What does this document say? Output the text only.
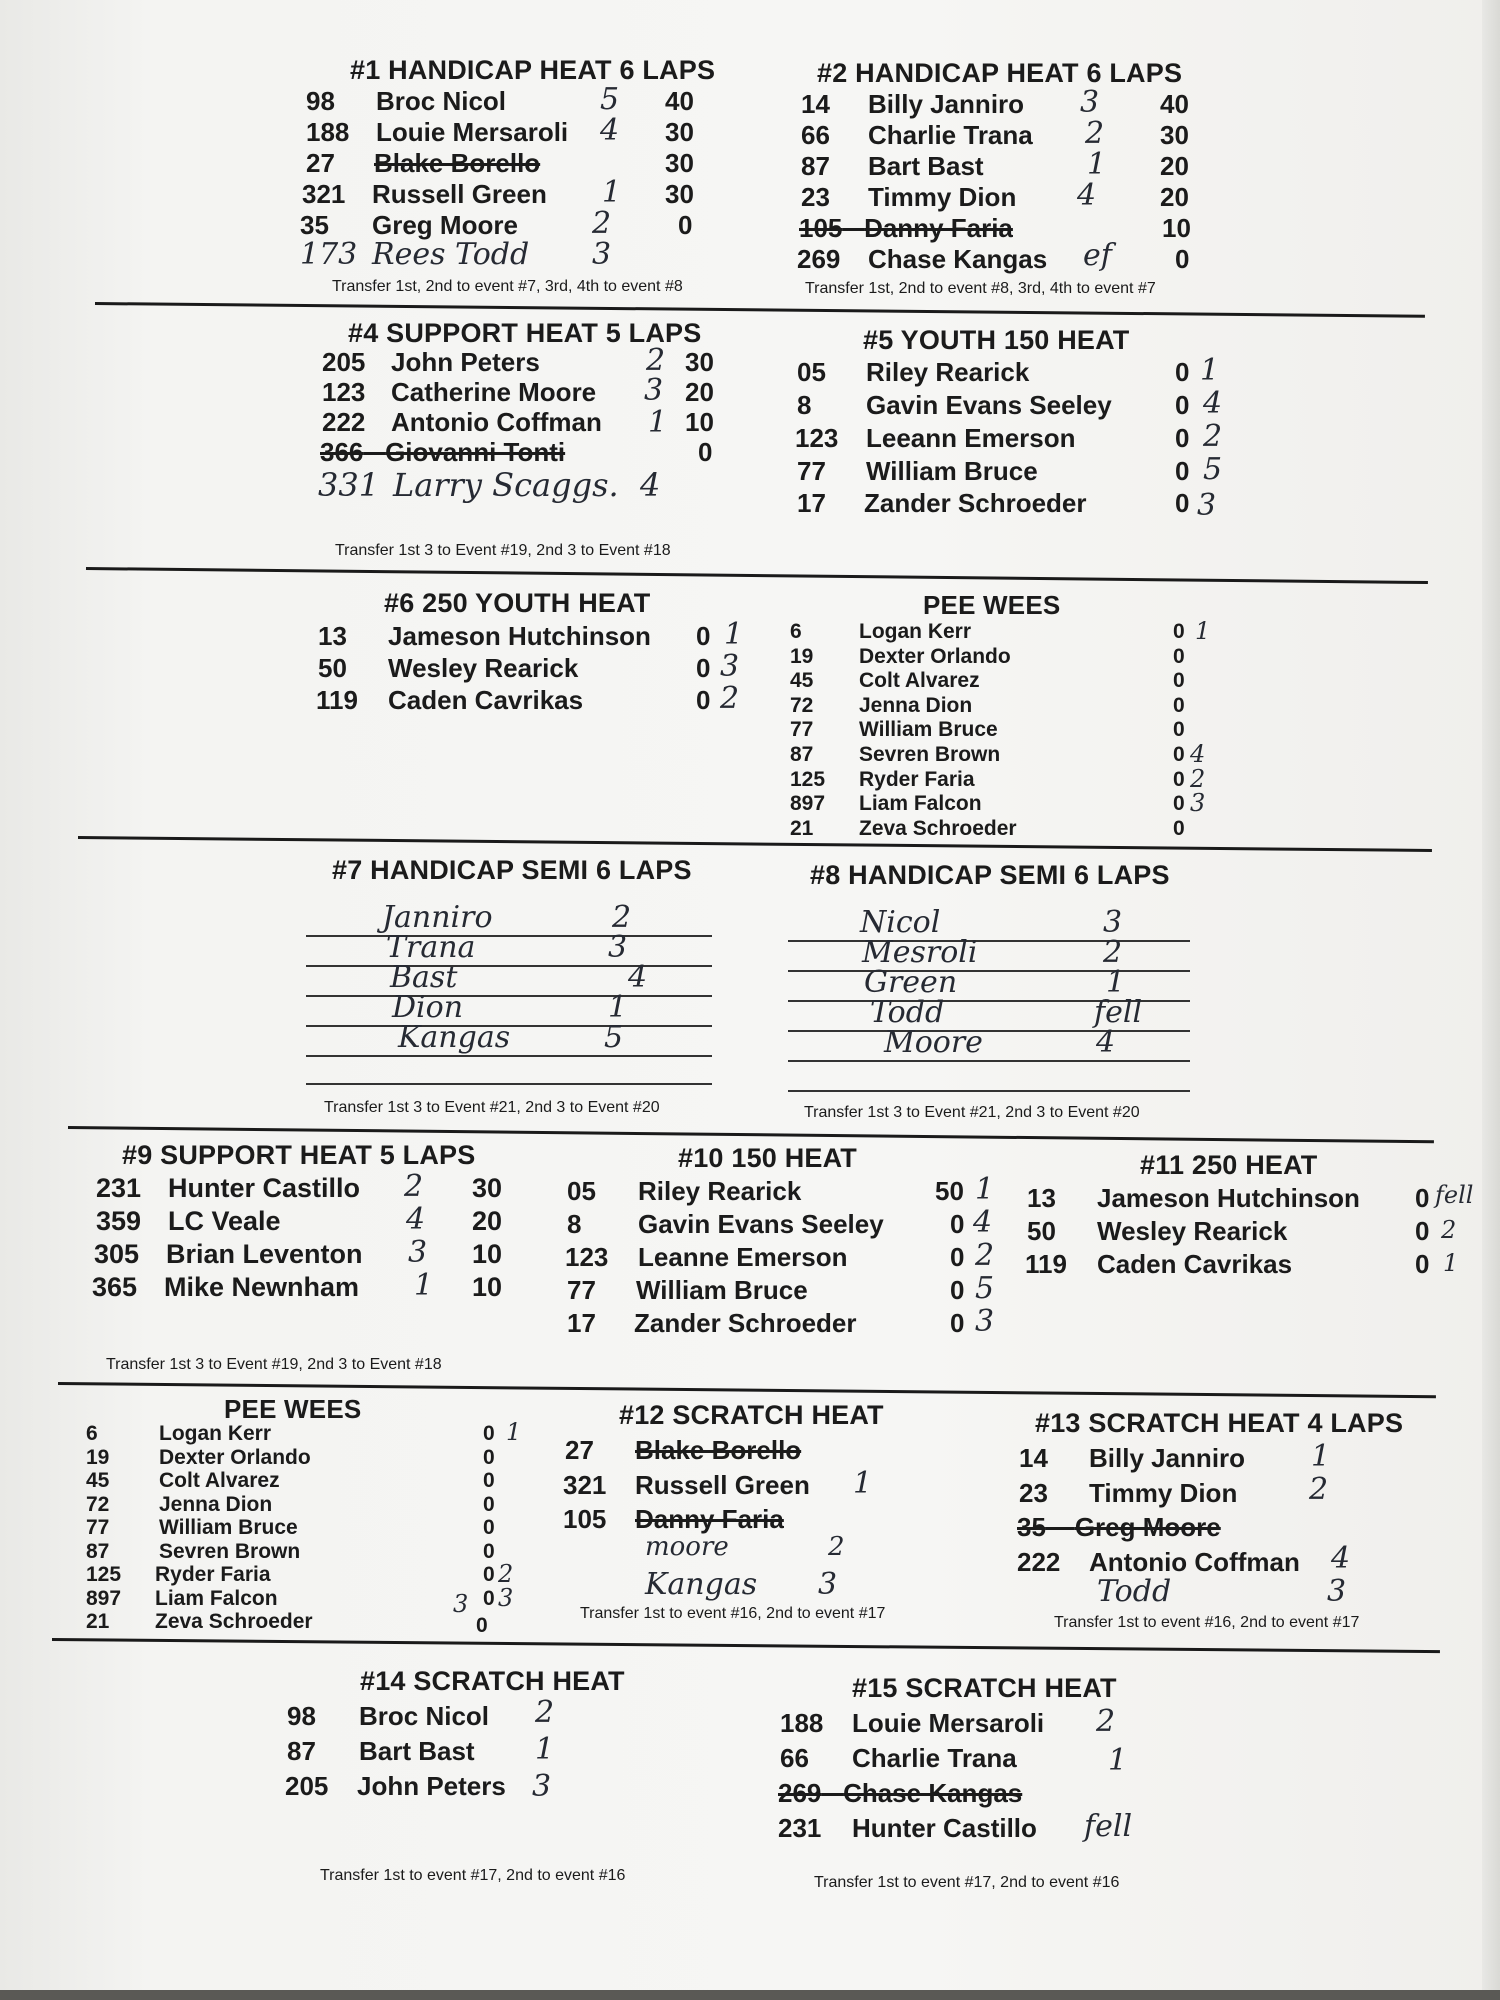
#1 HANDICAP HEAT 6 LAPS
98 Broc Nicol	5 40
188 Louie Mersaroli 4 30
27 Blake Borello	30
321 Russell Green 1 30
35 Greg Moore 2	0
173 Rees Todd 3
Transfer 1st, 2nd to event #7, 3rd, 4th to event #8
#2 HANDICAP HEAT 6 LAPS
14 Billy Janniro 3 40
66 Charlie Trana 2 30
87 Bart Bast	1 20
23 Timmy Dion 4 20
105 Danny Faria	10
269 Chase Kangas ef 0
Transfer 1st, 2nd to event #8, 3rd, 4th to event #7
#4 SUPPORT HEAT 5 LAPS
205 John Peters	2 30
123 Catherine Moore 3 20
222 Antonio Coffman 1 10
366 Giovanni Tonti	0
331 Larry Scaggs. 4
Transfer 1st 3 to Event #19, 2nd 3 to Event #18
#5 YOUTH 150 HEAT
05 Riley Rearick	0 1
8 Gavin Evans Seeley 0 4
123 Leeann Emerson	0 2
77 William Bruce	0 5
17 Zander Schroeder	0 3
#6 250 YOUTH HEAT
13 Jameson Hutchinson 0 1
50 Wesley Rearick	0 3
119 Caden Cavrikas	0 2
PEE WEES
6	Logan Kerr	0 1
19 Dexter Orlando	0
45 Colt Alvarez	0
72 Jenna Dion	0
77 William Bruce	0
87 Sevren Brown	0 4
125 Ryder Faria	0 2
897 Liam Falcon	0 3
21 Zeva Schroeder	0
#7 HANDICAP SEMI 6 LAPS
Janniro	2
Trana	3
Bast	4
Dion	1
Kangas	5
Transfer 1st 3 to Event #21, 2nd 3 to Event #20
#8 HANDICAP SEMI 6 LAPS
Nicol	3
Mesroli	2
Green	1
Todd	fell
Moore	4
Transfer 1st 3 to Event #21, 2nd 3 to Event #20
#9 SUPPORT HEAT 5 LAPS
231 Hunter Castillo 2 30
359 LC Veale	4 20
305 Brian Leventon 3 10
365 Mike Newnham 1 10
Transfer 1st 3 to Event #19, 2nd 3 to Event #18
#10 150 HEAT
05 Riley Rearick	50 1
8 Gavin Evans Seeley	0 4
123 Leanne Emerson	0 2
77 William Bruce	0 5
17 Zander Schroeder	0 3
#11 250 HEAT
13 Jameson Hutchinson 0 fell
50 Wesley Rearick	0 2
119 Caden Cavrikas	0 1
PEE WEES
6	Logan Kerr	0 1
19 Dexter Orlando	0
45 Colt Alvarez	0
72 Jenna Dion	0
77 William Bruce	0
87 Sevren Brown	0
125 Ryder Faria	0 2
897 Liam Falcon	3 0 3
21 Zeva Schroeder	0
#12 SCRATCH HEAT
27 Blake Borello
321 Russell Green 1
105 Danny Faria
moore	2
Kangas 3
Transfer 1st to event #16, 2nd to event #17
#13 SCRATCH HEAT 4 LAPS
14 Billy Janniro 1
23 Timmy Dion 2
35 Greg Moore
222 Antonio Coffman 4
Todd	3
Transfer 1st to event #16, 2nd to event #17
#14 SCRATCH HEAT
98 Broc Nicol 2
87 Bart Bast 1
205 John Peters 3
Transfer 1st to event #17, 2nd to event #16
#15 SCRATCH HEAT
188 Louie Mersaroli 2
66 Charlie Trana	1
269 Chase Kangas
231 Hunter Castillo fell
Transfer 1st to event #17, 2nd to event #16
